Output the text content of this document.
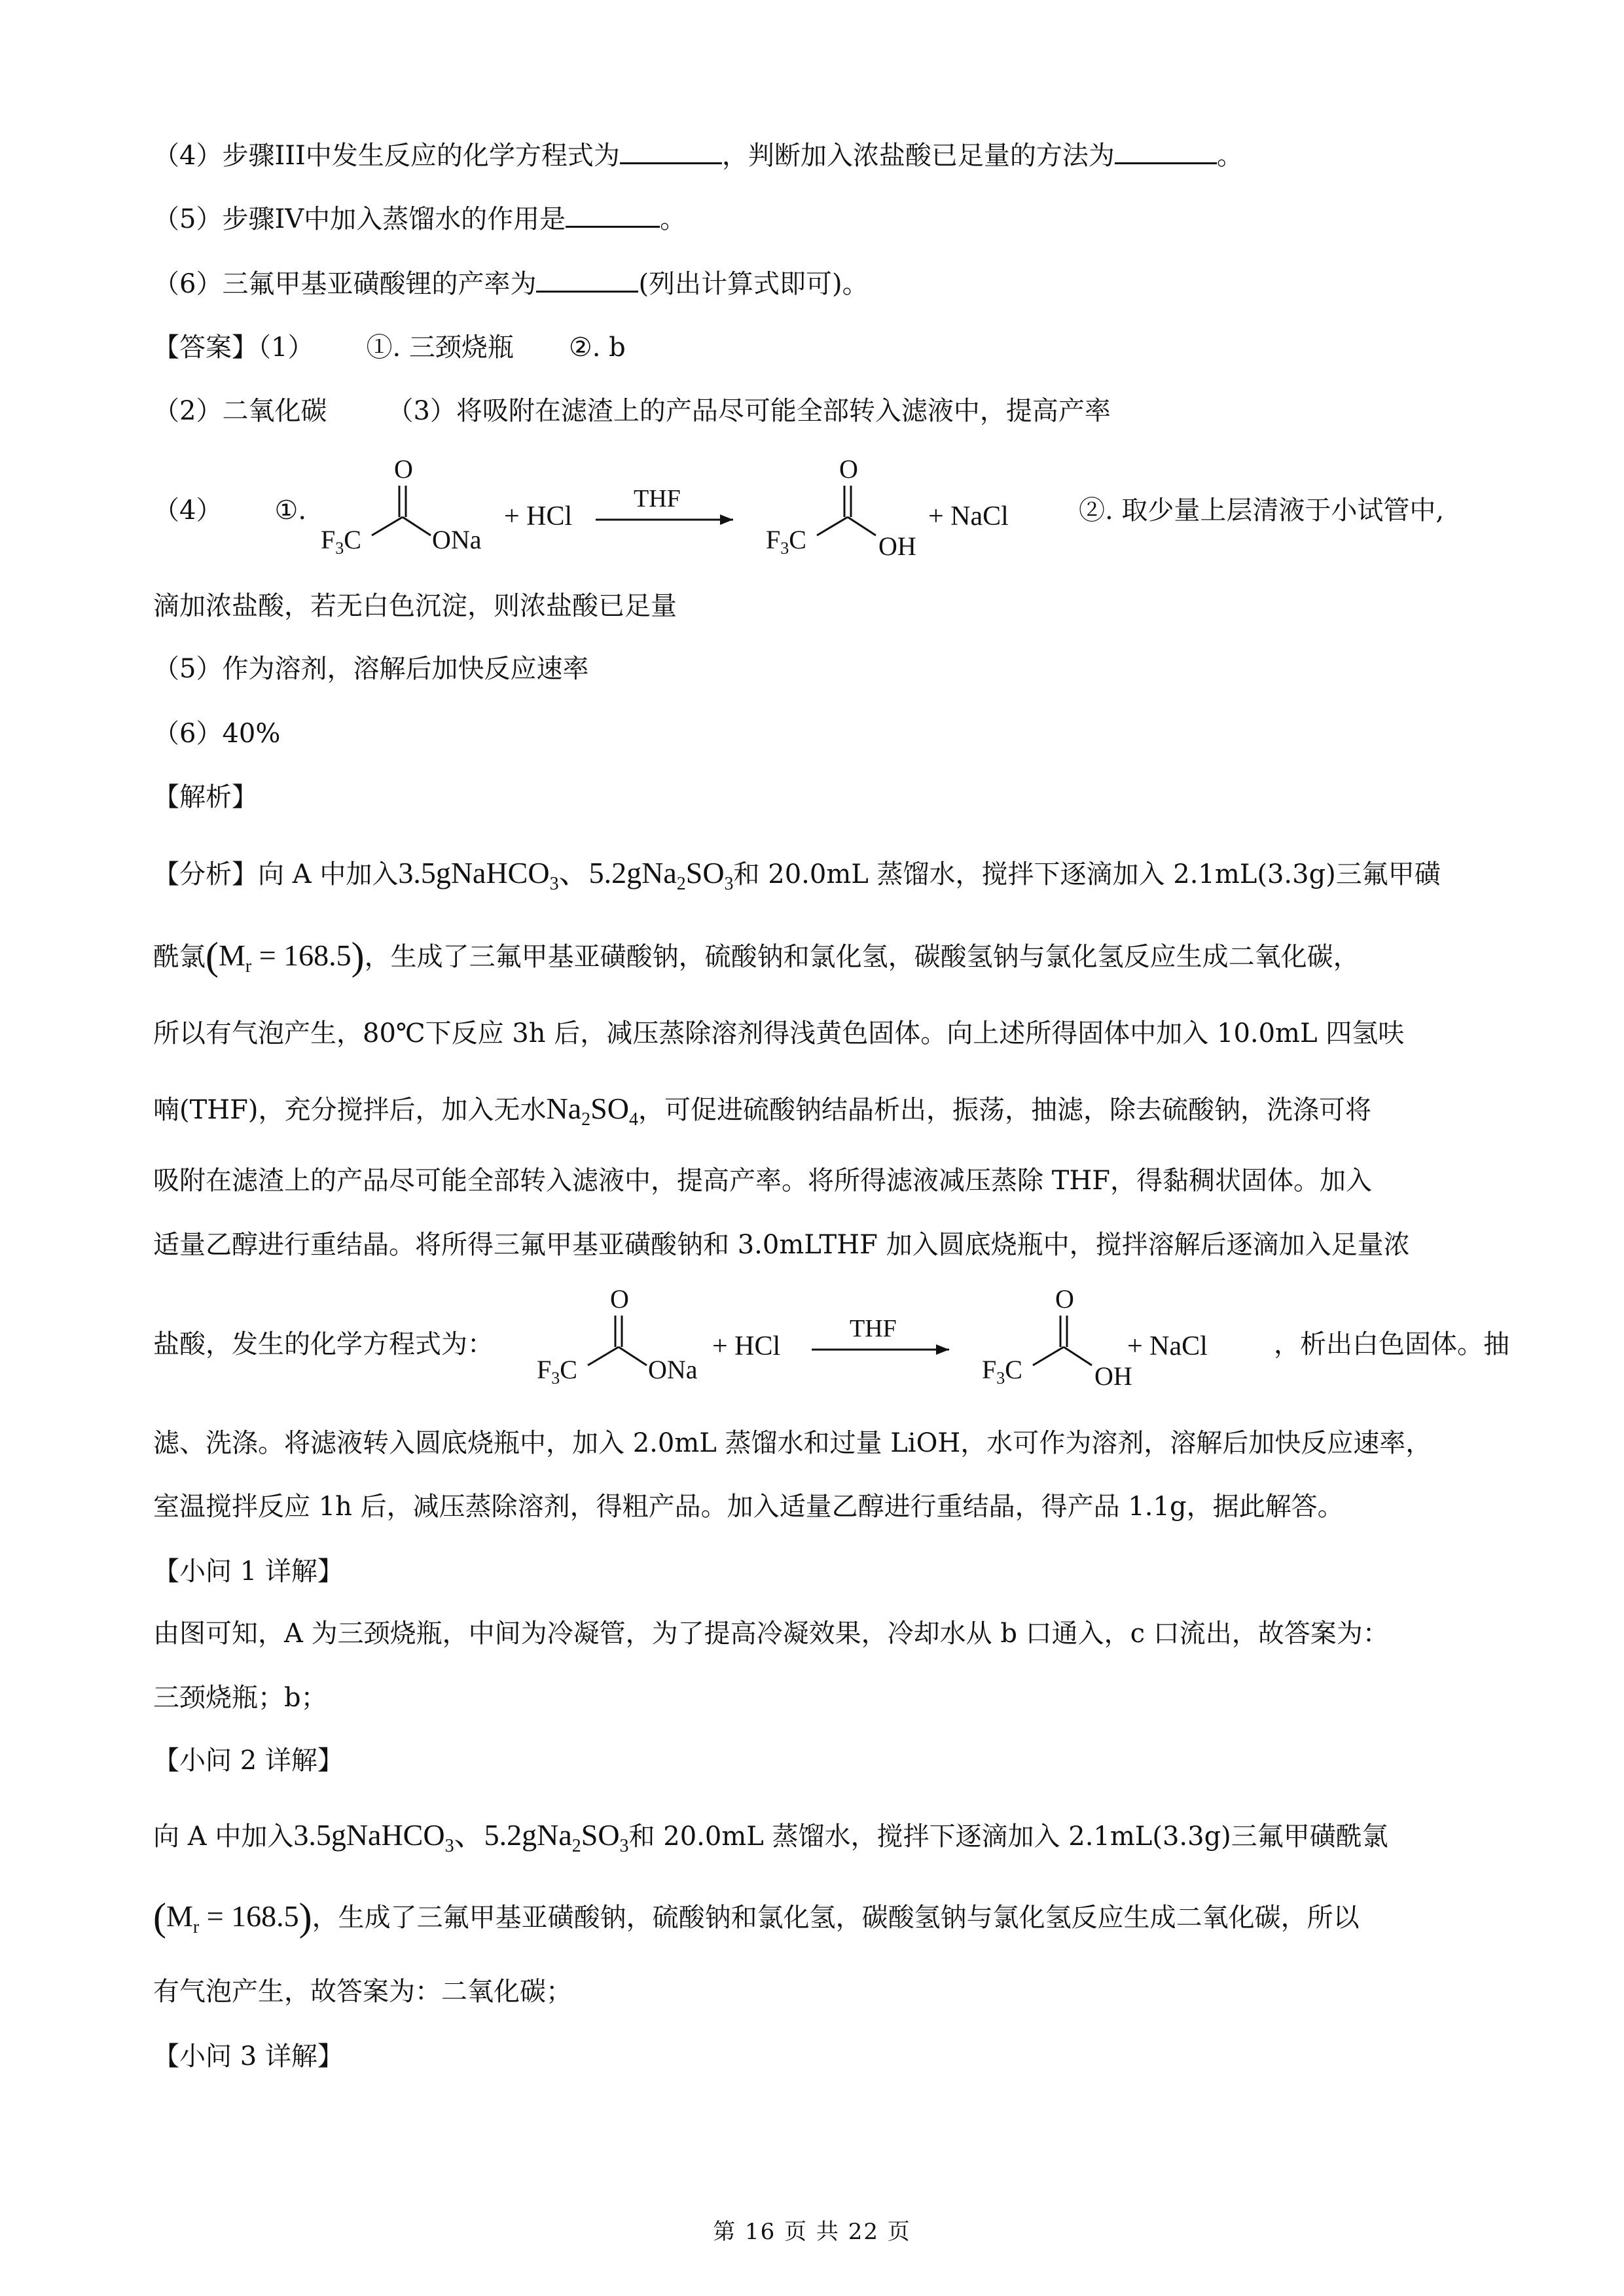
（4）步骤III中发生反应的化学方程式为	，判断加入浓盐酸已足量的方法为	。
（5）步骤IV中加入蒸馏水的作用是	。
（6）三氟甲基亚磺酸锂的产率为	(列出计算式即可)。
【答案】（1） ①. 三颈烧瓶 ②. b
（2）二氧化碳 （3）将吸附在滤渣上的产品尽可能全部转入滤液中，提高产率
（4） ①.
O
$F_3C$	ONa
+ HCl
THF
O
$F_3C$	OH
+ NaCl	②. 取少量上层清液于小试管中,
滴加浓盐酸，若无白色沉淀，则浓盐酸已足量
（5）作为溶剂，溶解后加快反应速率
（6）40%
【解析】
【分析】向 A 中加入3.5gNaHCO$_3$、$5.2gNa_2SO_3$和 20.0mL 蒸馏水，搅拌下逐滴加入 2.1mL(3.3g)三氟甲磺
酰氯$(M_r = 168.5)$，生成了三氟甲基亚磺酸钠，硫酸钠和氯化氢，碳酸氢钠与氯化氢反应生成二氧化碳，
所以有气泡产生，80℃下反应 3h 后，减压蒸除溶剂得浅黄色固体。向上述所得固体中加入 10.0mL 四氢呋
喃(THF)，充分搅拌后，加入无水$Na_2SO_4$，可促进硫酸钠结晶析出，振荡，抽滤，除去硫酸钠，洗涤可将
吸附在滤渣上的产品尽可能全部转入滤液中，提高产率。将所得滤液减压蒸除 THF，得黏稠状固体。加入
适量乙醇进行重结晶。将所得三氟甲基亚磺酸钠和 3.0mLTHF 加入圆底烧瓶中，搅拌溶解后逐滴加入足量浓
盐酸，发生的化学方程式为：
O
$F_3C$	ONa
+ HCl
THF
O
$F_3C$	OH
+ NaCl	，析出白色固体。抽
滤、洗涤。将滤液转入圆底烧瓶中，加入 2.0mL 蒸馏水和过量 LiOH，水可作为溶剂，溶解后加快反应速率，
室温搅拌反应 1h 后，减压蒸除溶剂，得粗产品。加入适量乙醇进行重结晶，得产品 1.1g，据此解答。
【小问 1 详解】
由图可知，A 为三颈烧瓶，中间为冷凝管，为了提高冷凝效果，冷却水从 b 口通入，c 口流出，故答案为：
三颈烧瓶；b；
【小问 2 详解】
向 A 中加入3.5gNaHCO$_3$、$5.2gNa_2SO_3$和 20.0mL 蒸馏水，搅拌下逐滴加入 2.1mL(3.3g)三氟甲磺酰氯
$(M_r = 168.5)$，生成了三氟甲基亚磺酸钠，硫酸钠和氯化氢，碳酸氢钠与氯化氢反应生成二氧化碳，所以
有气泡产生，故答案为：二氧化碳；
【小问 3 详解】
第 16 页 共 22 页
